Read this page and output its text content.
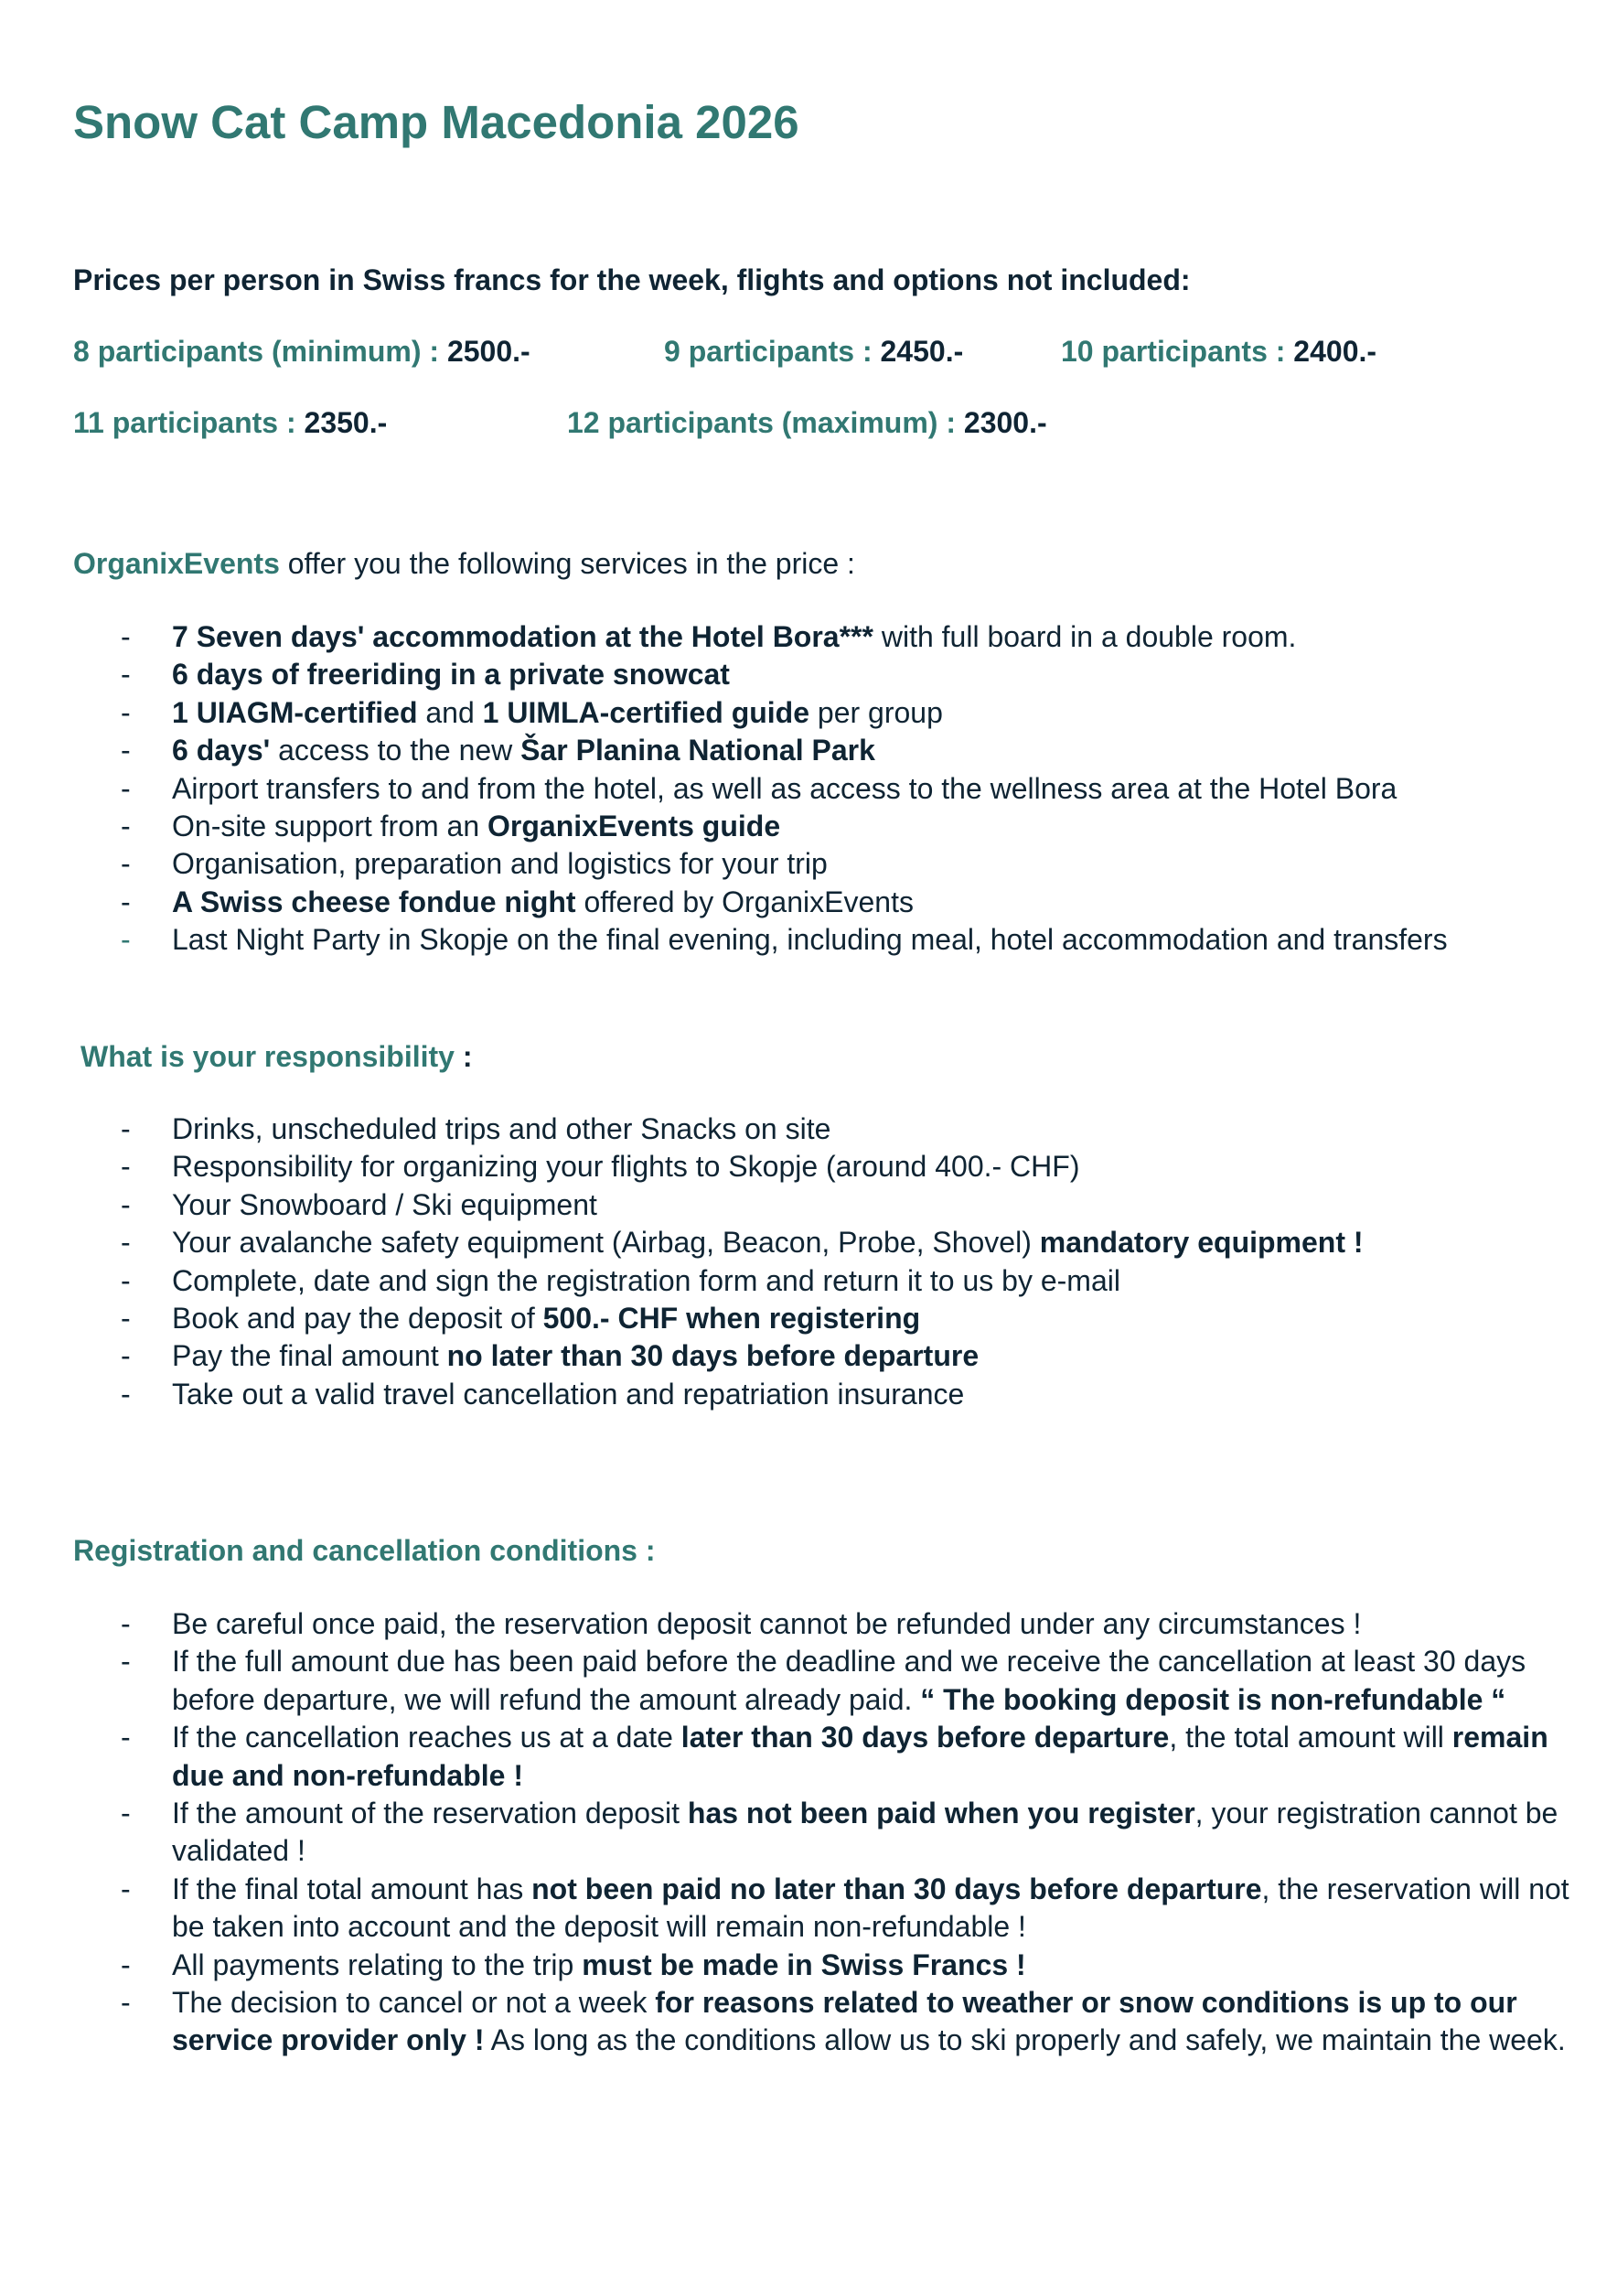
Snow Cat Camp Macedonia 2026
Prices per person in Swiss francs for the week, flights and options not included:
8 participants (minimum) : 2500.-	9 participants : 2450.-	10 participants : 2400.-
11 participants : 2350.-	12 participants (maximum) : 2300.-
OrganixEvents offer you the following services in the price :
- 7 Seven days' accommodation at the Hotel Bora*** with full board in a double room.
- 6 days of freeriding in a private snowcat
- 1 UIAGM-certified and 1 UIMLA-certified guide per group
- 6 days' access to the new Šar Planina National Park
- Airport transfers to and from the hotel, as well as access to the wellness area at the Hotel Bora
- On-site support from an OrganixEvents guide
- Organisation, preparation and logistics for your trip
- A Swiss cheese fondue night offered by OrganixEvents
- Last Night Party in Skopje on the final evening, including meal, hotel accommodation and transfers
What is your responsibility :
- Drinks, unscheduled trips and other Snacks on site
- Responsibility for organizing your flights to Skopje (around 400.- CHF)
- Your Snowboard / Ski equipment
- Your avalanche safety equipment (Airbag, Beacon, Probe, Shovel) mandatory equipment !
- Complete, date and sign the registration form and return it to us by e-mail
- Book and pay the deposit of 500.- CHF when registering
- Pay the final amount no later than 30 days before departure
- Take out a valid travel cancellation and repatriation insurance
Registration and cancellation conditions :
- Be careful once paid, the reservation deposit cannot be refunded under any circumstances !
- If the full amount due has been paid before the deadline and we receive the cancellation at least 30 days before departure, we will refund the amount already paid. “ The booking deposit is non-refundable “
- If the cancellation reaches us at a date later than 30 days before departure, the total amount will remain due and non-refundable !
- If the amount of the reservation deposit has not been paid when you register, your registration cannot be validated !
- If the final total amount has not been paid no later than 30 days before departure, the reservation will not be taken into account and the deposit will remain non-refundable !
- All payments relating to the trip must be made in Swiss Francs !
- The decision to cancel or not a week for reasons related to weather or snow conditions is up to our service provider only ! As long as the conditions allow us to ski properly and safely, we maintain the week.
